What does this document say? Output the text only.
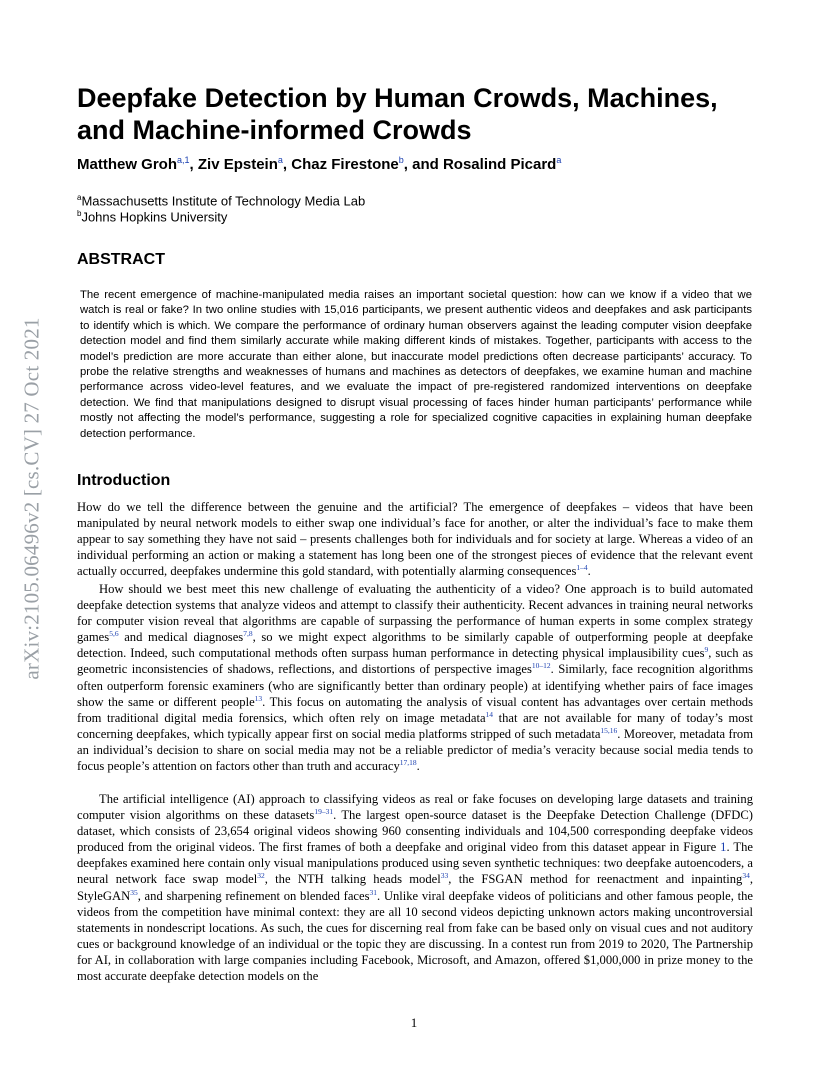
arXiv:2105.06496v2 [cs.CV] 27 Oct 2021
Deepfake Detection by Human Crowds, Machines, and Machine-informed Crowds
Matthew Groh$^{a,1}$, Ziv Epstein$^a$, Chaz Firestone$^b$, and Rosalind Picard$^a$
$^a$Massachusetts Institute of Technology Media Lab
$^b$Johns Hopkins University
ABSTRACT

The recent emergence of machine-manipulated media raises an important societal question: how can we know if a video that we watch is real or fake? In two online studies with 15,016 participants, we present authentic videos and deepfakes and ask participants to identify which is which. We compare the performance of ordinary human observers against the leading computer vision deepfake detection model and find them similarly accurate while making different kinds of mistakes. Together, participants with access to the model’s prediction are more accurate than either alone, but inaccurate model predictions often decrease participants’ accuracy. To probe the relative strengths and weaknesses of humans and machines as detectors of deepfakes, we examine human and machine performance across video-level features, and we evaluate the impact of pre-registered randomized interventions on deepfake detection. We find that manipulations designed to disrupt visual processing of faces hinder human participants’ performance while mostly not affecting the model’s performance, suggesting a role for specialized cognitive capacities in explaining human deepfake detection performance.

Introduction

How do we tell the difference between the genuine and the artificial? The emergence of deepfakes – videos that have been manipulated by neural network models to either swap one individual’s face for another, or alter the individual’s face to make them appear to say something they have not said – presents challenges both for individuals and for society at large. Whereas a video of an individual performing an action or making a statement has long been one of the strongest pieces of evidence that the relevant event actually occurred, deepfakes undermine this gold standard, with potentially alarming consequences$^{1-4}$.

How should we best meet this new challenge of evaluating the authenticity of a video? One approach is to build automated deepfake detection systems that analyze videos and attempt to classify their authenticity. Recent advances in training neural networks for computer vision reveal that algorithms are capable of surpassing the performance of human experts in some complex strategy games$^{5,6}$ and medical diagnoses$^{7,8}$, so we might expect algorithms to be similarly capable of outperforming people at deepfake detection. Indeed, such computational methods often surpass human performance in detecting physical implausibility cues$^9$, such as geometric inconsistencies of shadows, reflections, and distortions of perspective images$^{10-12}$. Similarly, face recognition algorithms often outperform forensic examiners (who are significantly better than ordinary people) at identifying whether pairs of face images show the same or different people$^{13}$. This focus on automating the analysis of visual content has advantages over certain methods from traditional digital media forensics, which often rely on image metadata$^{14}$ that are not available for many of today’s most concerning deepfakes, which typically appear first on social media platforms stripped of such metadata$^{15,16}$. Moreover, metadata from an individual’s decision to share on social media may not be a reliable predictor of media’s veracity because social media tends to focus people’s attention on factors other than truth and accuracy$^{17,18}$.

The artificial intelligence (AI) approach to classifying videos as real or fake focuses on developing large datasets and training computer vision algorithms on these datasets$^{19-31}$. The largest open-source dataset is the Deepfake Detection Challenge (DFDC) dataset, which consists of 23,654 original videos showing 960 consenting individuals and 104,500 corresponding deepfake videos produced from the original videos. The first frames of both a deepfake and original video from this dataset appear in Figure 1. The deepfakes examined here contain only visual manipulations produced using seven synthetic techniques: two deepfake autoencoders, a neural network face swap model$^{32}$, the NTH talking heads model$^{33}$, the FSGAN method for reenactment and inpainting$^{34}$, StyleGAN$^{35}$, and sharpening refinement on blended faces$^{31}$. Unlike viral deepfake videos of politicians and other famous people, the videos from the competition have minimal context: they are all 10 second videos depicting unknown actors making uncontroversial statements in nondescript locations. As such, the cues for discerning real from fake can be based only on visual cues and not auditory cues or background knowledge of an individual or the topic they are discussing. In a contest run from 2019 to 2020, The Partnership for AI, in collaboration with large companies including Facebook, Microsoft, and Amazon, offered $1,000,000 in prize money to the most accurate deepfake detection models on the

1
